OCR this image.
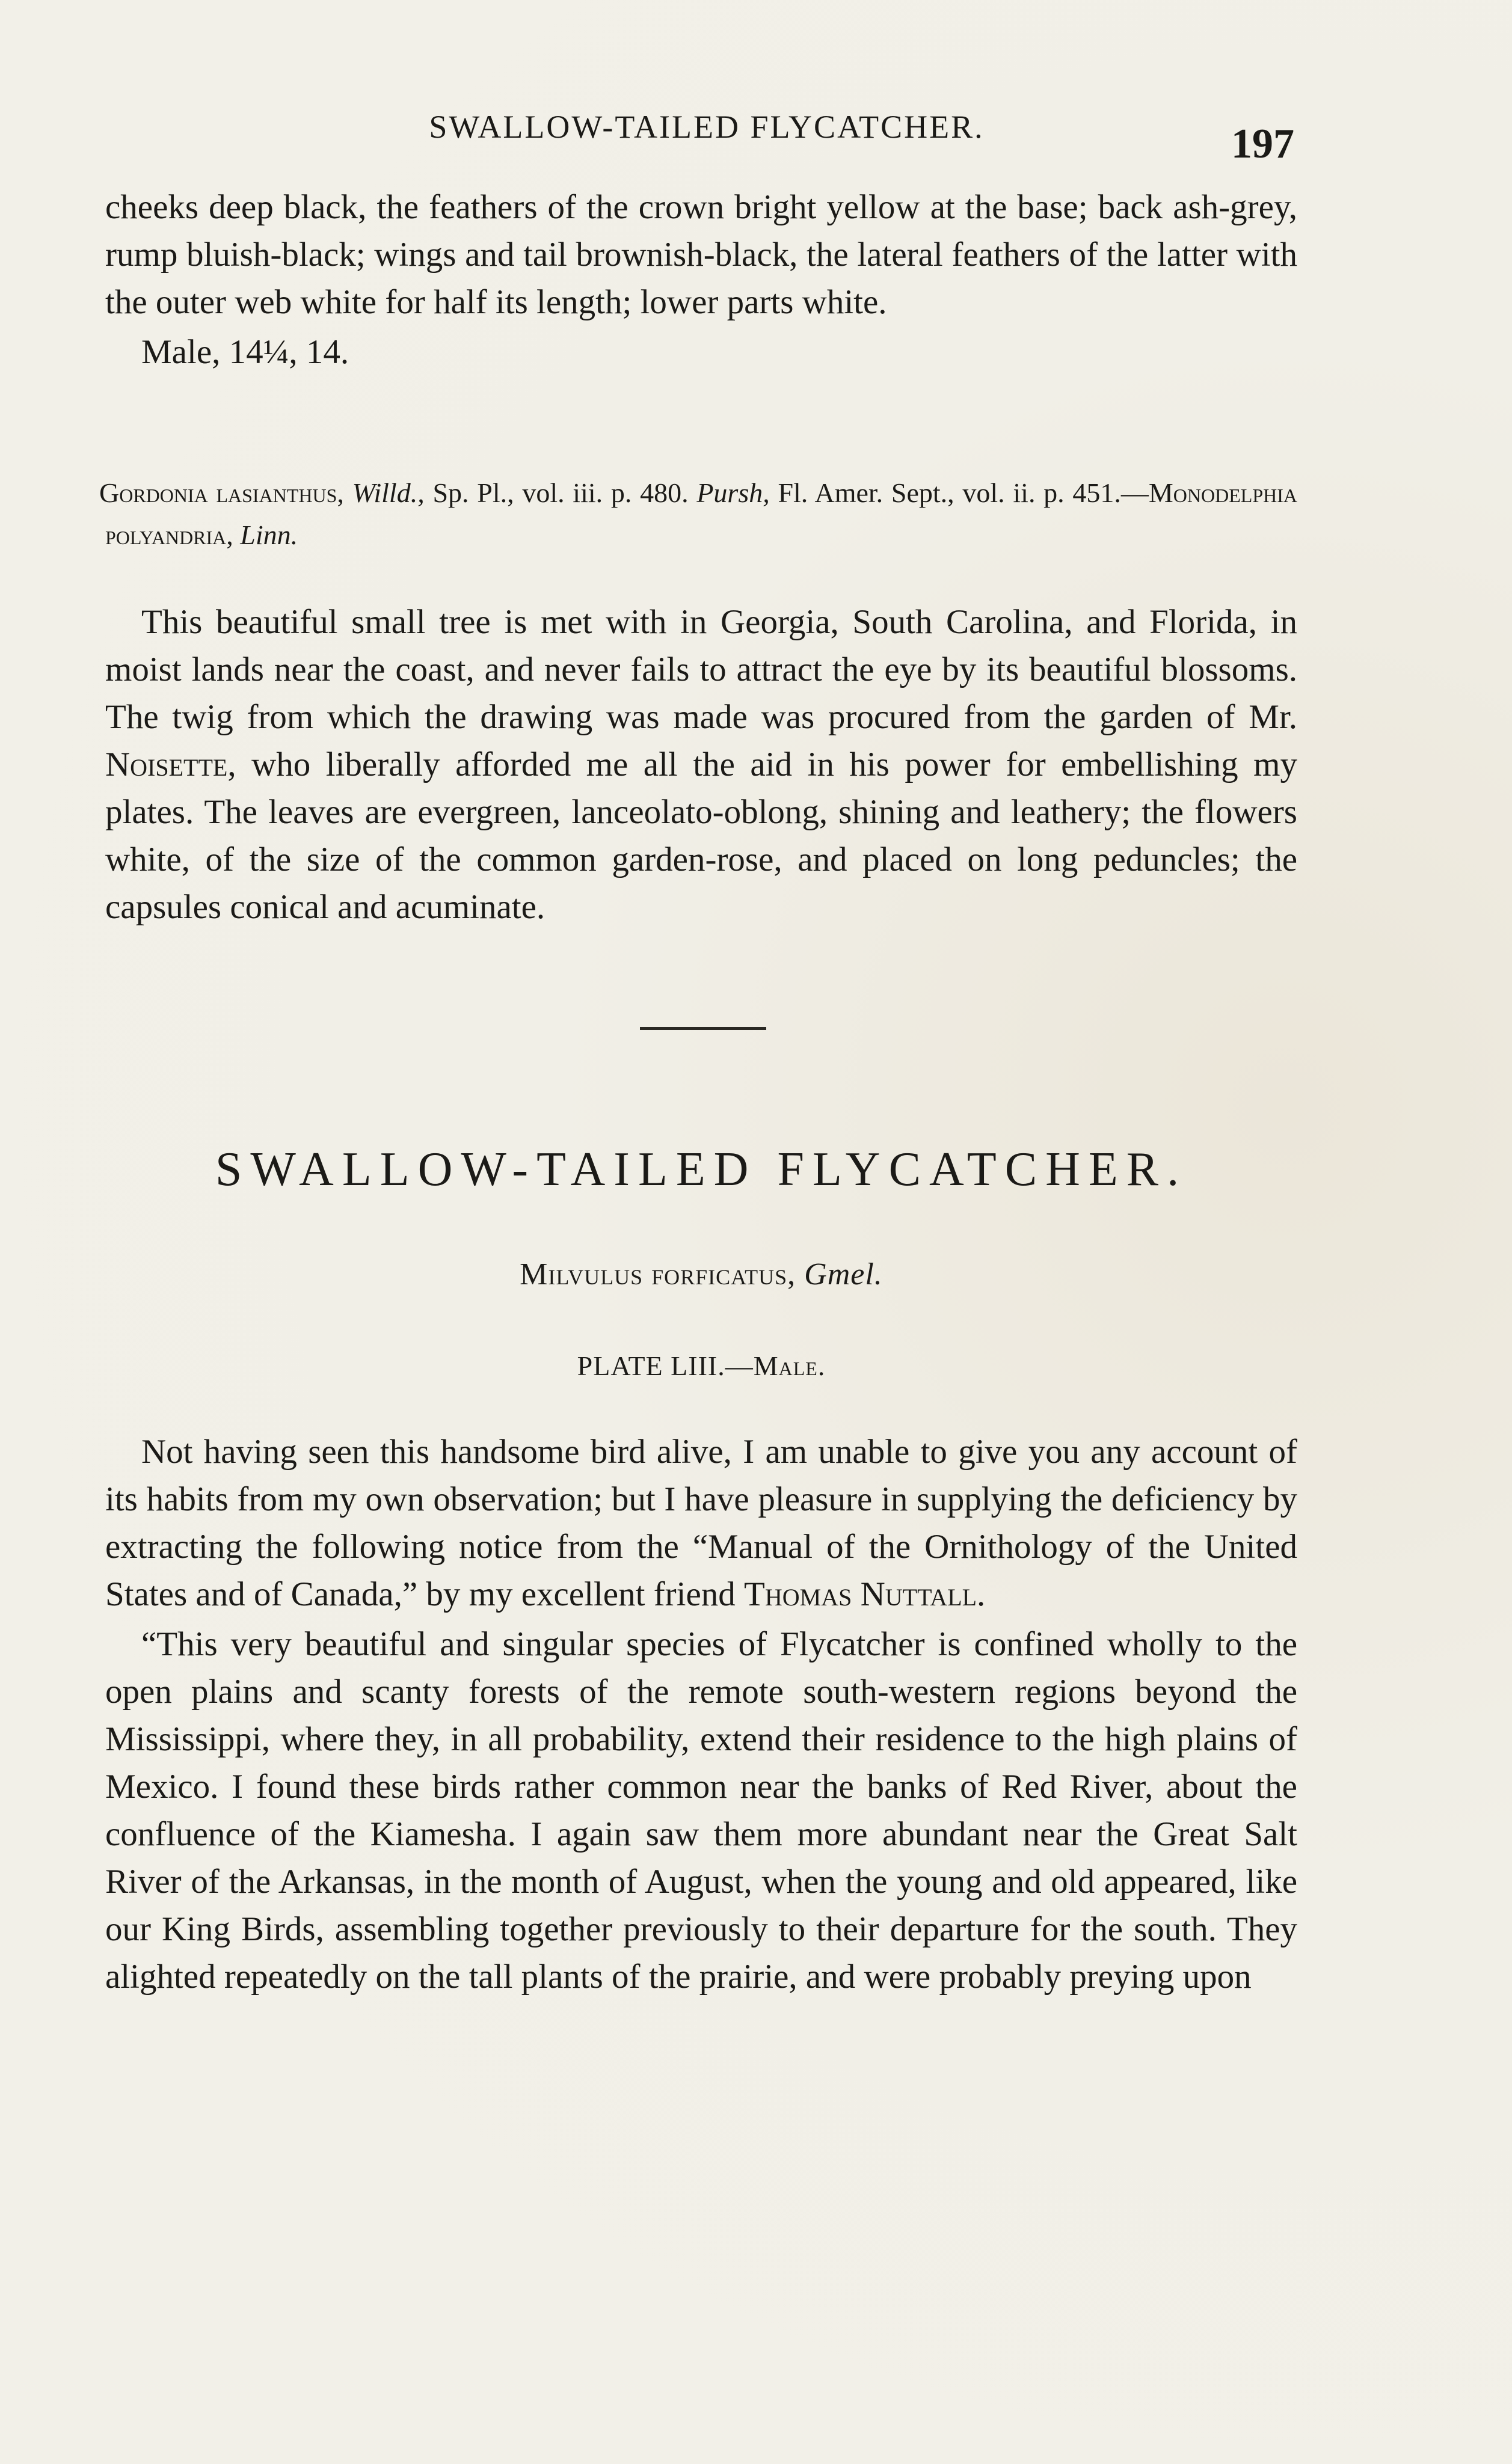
SWALLOW-TAILED FLYCATCHER.	197

cheeks deep black, the feathers of the crown bright yellow at the base; back ash-grey, rump bluish-black; wings and tail brownish-black, the lateral feathers of the latter with the outer web white for half its length; lower parts white.

Male, 14¼, 14.

Gordonia lasianthus, Willd., Sp. Pl., vol. iii. p. 480. Pursh, Fl. Amer. Sept., vol. ii. p. 451.—Monodelphia polyandria, Linn.

This beautiful small tree is met with in Georgia, South Carolina, and Florida, in moist lands near the coast, and never fails to attract the eye by its beautiful blossoms. The twig from which the drawing was made was procured from the garden of Mr. Noisette, who liberally afforded me all the aid in his power for embellishing my plates. The leaves are evergreen, lanceolato-oblong, shining and leathery; the flowers white, of the size of the common garden-rose, and placed on long peduncles; the capsules conical and acuminate.

SWALLOW-TAILED FLYCATCHER.
Milvulus forficatus, Gmel.
PLATE LIII.—Male.

Not having seen this handsome bird alive, I am unable to give you any account of its habits from my own observation; but I have pleasure in supplying the deficiency by extracting the following notice from the “Manual of the Ornithology of the United States and of Canada,” by my excellent friend Thomas Nuttall.

“This very beautiful and singular species of Flycatcher is confined wholly to the open plains and scanty forests of the remote south-western regions beyond the Mississippi, where they, in all probability, extend their residence to the high plains of Mexico. I found these birds rather common near the banks of Red River, about the confluence of the Kiamesha. I again saw them more abundant near the Great Salt River of the Arkansas, in the month of August, when the young and old appeared, like our King Birds, assembling together previously to their departure for the south. They alighted repeatedly on the tall plants of the prairie, and were probably preying upon
